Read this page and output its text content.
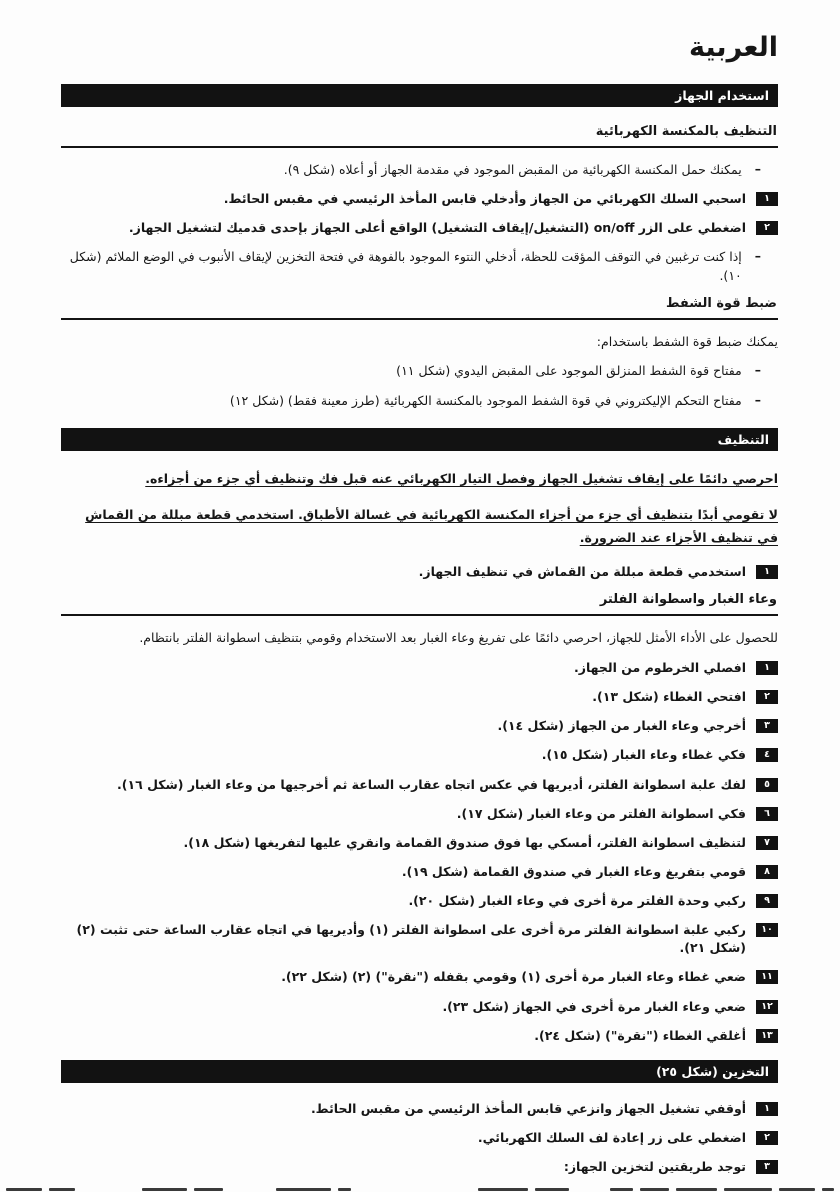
العربية
استخدام الجهاز
التنظيف بالمكنسة الكهربائية
–

يمكنك حمل المكنسة الكهربائية من المقبض الموجود في مقدمة الجهاز أو أعلاه (شكل ٩).

١

اسحبي السلك الكهربائي من الجهاز وأدخلي قابس المأخذ الرئيسي في مقبس الحائط.

٢

اضغطي على الزر on/off (التشغيل/إيقاف التشغيل) الواقع أعلى الجهاز بإحدى قدميك لتشغيل الجهاز.

–

إذا كنت ترغبين في التوقف المؤقت للحظة، أدخلي النتوء الموجود بالفوهة في فتحة التخزين لإيقاف الأنبوب في الوضع الملائم (شكل ١٠).

ضبط قوة الشفط

يمكنك ضبط قوة الشفط باستخدام:

–

مفتاح قوة الشفط المنزلق الموجود على المقبض اليدوي (شكل ١١)

–

مفتاح التحكم الإليكتروني في قوة الشفط الموجود بالمكنسة الكهربائية (طرز معينة فقط) (شكل ١٢)

التنظيف

احرصي دائمًا على إيقاف تشغيل الجهاز وفصل التيار الكهربائي عنه قبل فك وتنظيف أي جزء من أجزاءه.

لا تقومي أبدًا بتنظيف أي جزء من أجزاء المكنسة الكهربائية في غسالة الأطباق. استخدمي قطعة مبللة من القماش في تنظيف الأجزاء عند الضرورة.

١

استخدمي قطعة مبللة من القماش في تنظيف الجهاز.

وعاء الغبار واسطوانة الفلتر

للحصول على الأداء الأمثل للجهاز، احرصي دائمًا على تفريغ وعاء الغبار بعد الاستخدام وقومي بتنظيف اسطوانة الفلتر بانتظام.

١

افصلي الخرطوم من الجهاز.

٢

افتحي الغطاء (شكل ١٣).

٣

أخرجي وعاء الغبار من الجهاز (شكل ١٤).

٤

فكي غطاء وعاء الغبار (شكل ١٥).

٥

لفك علبة اسطوانة الفلتر، أديريها في عكس اتجاه عقارب الساعة ثم أخرجيها من وعاء الغبار (شكل ١٦).

٦

فكي اسطوانة الفلتر من وعاء الغبار (شكل ١٧).

٧

لتنظيف اسطوانة الفلتر، أمسكي بها فوق صندوق القمامة وانقري عليها لتفريغها (شكل ١٨).

٨

قومي بتفريغ وعاء الغبار في صندوق القمامة (شكل ١٩).

٩

ركبي وحدة الفلتر مرة أخرى في وعاء الغبار (شكل ٢٠).

١٠

ركبي علبة اسطوانة الفلتر مرة أخرى على اسطوانة الفلتر (١) وأديريها في اتجاه عقارب الساعة حتى تثبت (٢) (شكل ٢١).

١١

ضعي غطاء وعاء الغبار مرة أخرى (١) وقومي بقفله ("نقرة") (٢) (شكل ٢٢).

١٢

ضعي وعاء الغبار مرة أخرى في الجهاز (شكل ٢٣).

١٣

أغلقي الغطاء ("نقرة") (شكل ٢٤).

التخزين (شكل ٢٥)
١

أوقفي تشغيل الجهاز وانزعي قابس المأخذ الرئيسي من مقبس الحائط.

٢

اضغطي على زر إعادة لف السلك الكهربائي.

٣

توجد طريقتين لتخزين الجهاز:
